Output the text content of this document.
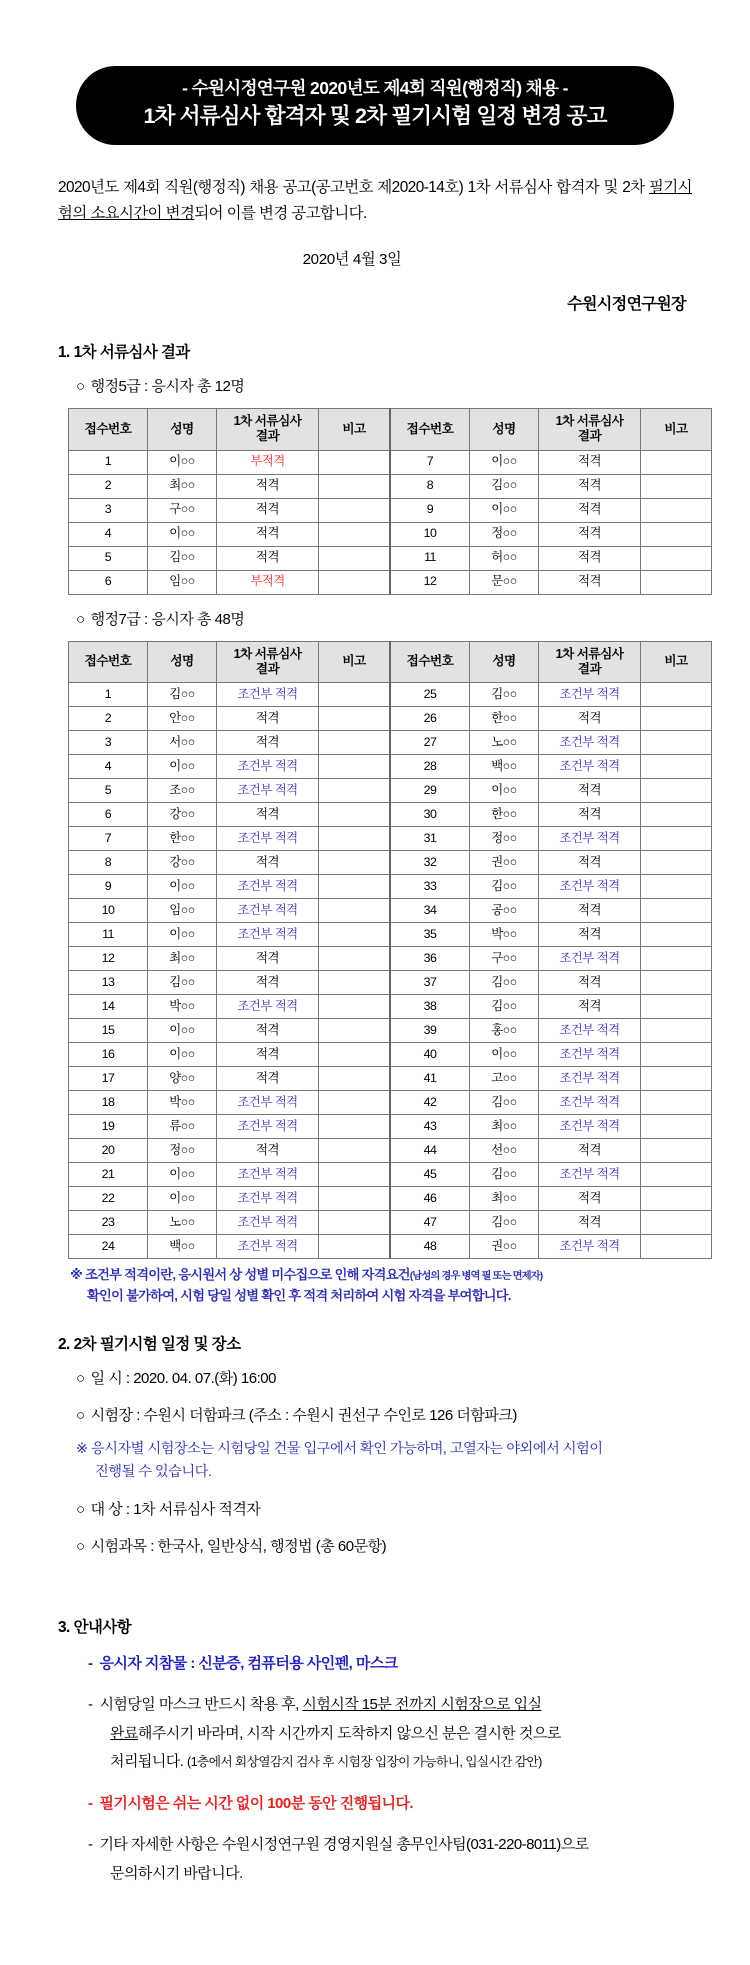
- 수원시정연구원 2020년도 제4회 직원(행정직) 채용 -
1차 서류심사 합격자 및 2차 필기시험 일정 변경 공고
2020년도 제4회 직원(행정직) 채용 공고(공고번호 제2020-14호) 1차 서류심사 합격자 및 2차 필기시험의 소요시간이 변경되어 이를 변경 공고합니다.
2020년 4월 3일
수원시정연구원장
1. 1차 서류심사 결과
○ 행정5급 : 응시자 총 12명
접수번호	성명	1차 서류심사
결과	비고	접수번호	성명	1차 서류심사
결과	비고
1	이○○	부적격		7	이○○	적격	
2	최○○	적격		8	김○○	적격	
3	구○○	적격		9	이○○	적격	
4	이○○	적격		10	정○○	적격	
5	김○○	적격		11	허○○	적격	
6	임○○	부적격		12	문○○	적격	
○ 행정7급 : 응시자 총 48명
접수번호	성명	1차 서류심사
결과	비고	접수번호	성명	1차 서류심사
결과	비고
1	김○○	조건부 적격		25	김○○	조건부 적격	
2	안○○	적격		26	한○○	적격	
3	서○○	적격		27	노○○	조건부 적격	
4	이○○	조건부 적격		28	백○○	조건부 적격	
5	조○○	조건부 적격		29	이○○	적격	
6	강○○	적격		30	한○○	적격	
7	한○○	조건부 적격		31	정○○	조건부 적격	
8	강○○	적격		32	권○○	적격	
9	이○○	조건부 적격		33	김○○	조건부 적격	
10	임○○	조건부 적격		34	공○○	적격	
11	이○○	조건부 적격		35	박○○	적격	
12	최○○	적격		36	구○○	조건부 적격	
13	김○○	적격		37	김○○	적격	
14	박○○	조건부 적격		38	김○○	적격	
15	이○○	적격		39	홍○○	조건부 적격	
16	이○○	적격		40	이○○	조건부 적격	
17	양○○	적격		41	고○○	조건부 적격	
18	박○○	조건부 적격		42	김○○	조건부 적격	
19	류○○	조건부 적격		43	최○○	조건부 적격	
20	정○○	적격		44	선○○	적격	
21	이○○	조건부 적격		45	김○○	조건부 적격	
22	이○○	조건부 적격		46	최○○	적격	
23	노○○	조건부 적격		47	김○○	적격	
24	백○○	조건부 적격		48	권○○	조건부 적격	
※ 조건부 적격이란, 응시원서 상 성별 미수집으로 인해 자격요건(남성의 경우 병역 필 또는 면제자)
확인이 불가하여, 시험 당일 성별 확인 후 적격 처리하여 시험 자격을 부여합니다.
2. 2차 필기시험 일정 및 장소
○ 일 시 : 2020. 04. 07.(화) 16:00
○ 시험장 : 수원시 더함파크 (주소 : 수원시 권선구 수인로 126 더함파크)
※ 응시자별 시험장소는 시험당일 건물 입구에서 확인 가능하며, 고열자는 야외에서 시험이
진행될 수 있습니다.
○ 대 상 : 1차 서류심사 적격자
○ 시험과목 : 한국사, 일반상식, 행정법 (총 60문항)
3. 안내사항
- 응시자 지참물 : 신분증, 컴퓨터용 사인펜, 마스크
- 시험당일 마스크 반드시 착용 후, 시험시작 15분 전까지 시험장으로 입실
완료해주시기 바라며, 시작 시간까지 도착하지 않으신 분은 결시한 것으로
처리됩니다. (1층에서 회상열감지 검사 후 시험장 입장이 가능하니, 입실시간 감안)
- 필기시험은 쉬는 시간 없이 100분 동안 진행됩니다.
- 기타 자세한 사항은 수원시정연구원 경영지원실 총무인사팀(031-220-8011)으로
문의하시기 바랍니다.
